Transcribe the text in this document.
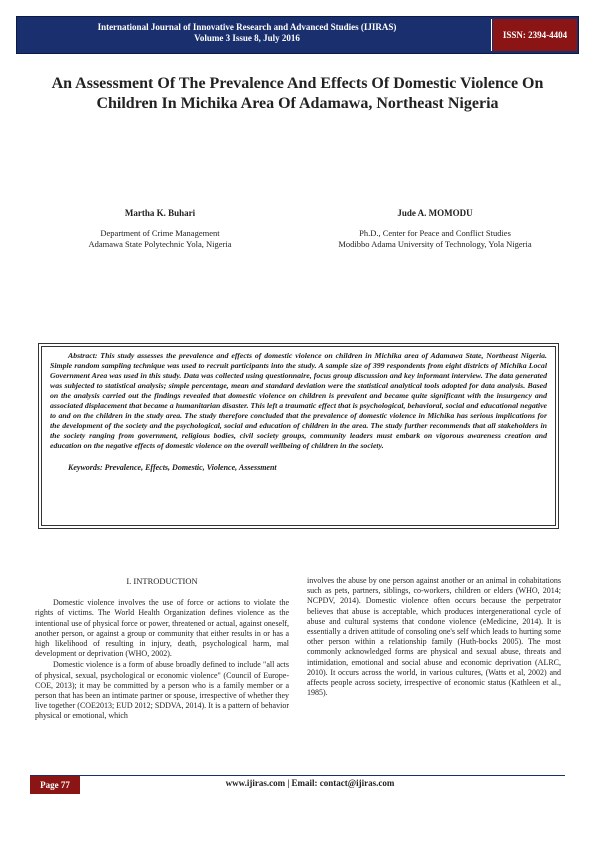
International Journal of Innovative Research and Advanced Studies (IJIRAS)
Volume 3 Issue 8, July 2016	ISSN: 2394-4404
An Assessment Of The Prevalence And Effects Of Domestic Violence On Children In Michika Area Of Adamawa, Northeast Nigeria
Martha K. Buhari
Department of Crime Management
Adamawa State Polytechnic Yola, Nigeria
Jude A. MOMODU
Ph.D., Center for Peace and Conflict Studies
Modibbo Adama University of Technology, Yola Nigeria

Abstract: This study assesses the prevalence and effects of domestic violence on children in Michika area of Adamawa State, Northeast Nigeria. Simple random sampling technique was used to recruit participants into the study. A sample size of 399 respondents from eight districts of Michika Local Government Area was used in this study. Data was collected using questionnaire, focus group discussion and key informant interview. The data generated was subjected to statistical analysis; simple percentage, mean and standard deviation were the statistical analytical tools adopted for data analysis. Based on the analysis carried out the findings revealed that domestic violence on children is prevalent and became quite significant with the insurgency and associated displacement that became a humanitarian disaster. This left a traumatic effect that is psychological, behavioral, social and educational negative to and on the children in the study area. The study therefore concluded that the prevalence of domestic violence in Michika has serious implications for the development of the society and the psychological, social and education of children in the area. The study further recommends that all stakeholders in the society ranging from government, religious bodies, civil society groups, community leaders must embark on vigorous awareness creation and education on the negative effects of domestic violence on the overall wellbeing of children in the society.

Keywords: Prevalence, Effects, Domestic, Violence, Assessment

I. INTRODUCTION

Domestic violence involves the use of force or actions to violate the rights of victims. The World Health Organization defines violence as the intentional use of physical force or power, threatened or actual, against oneself, another person, or against a group or community that either results in or has a high likelihood of resulting in injury, death, psychological harm, mal development or deprivation (WHO, 2002).

Domestic violence is a form of abuse broadly defined to include "all acts of physical, sexual, psychological or economic violence" (Council of Europe-COE, 2013); it may be committed by a person who is a family member or a person that has been an intimate partner or spouse, irrespective of whether they live together (COE2013; EUD 2012; SDDVA, 2014). It is a pattern of behavior physical or emotional, which

involves the abuse by one person against another or an animal in cohabitations such as pets, partners, siblings, co-workers, children or elders (WHO, 2014; NCPDV, 2014). Domestic violence often occurs because the perpetrator believes that abuse is acceptable, which produces intergenerational cycle of abuse and cultural systems that condone violence (eMedicine, 2014). It is essentially a driven attitude of consoling one's self which leads to hurting some other person within a relationship family (Huth-bocks 2005). The most commonly acknowledged forms are physical and sexual abuse, threats and intimidation, emotional and social abuse and economic deprivation (ALRC, 2010). It occurs across the world, in various cultures, (Watts et al, 2002) and affects people across society, irrespective of economic status (Kathleen et al., 1985).

Page 77	www.ijiras.com | Email: contact@ijiras.com
